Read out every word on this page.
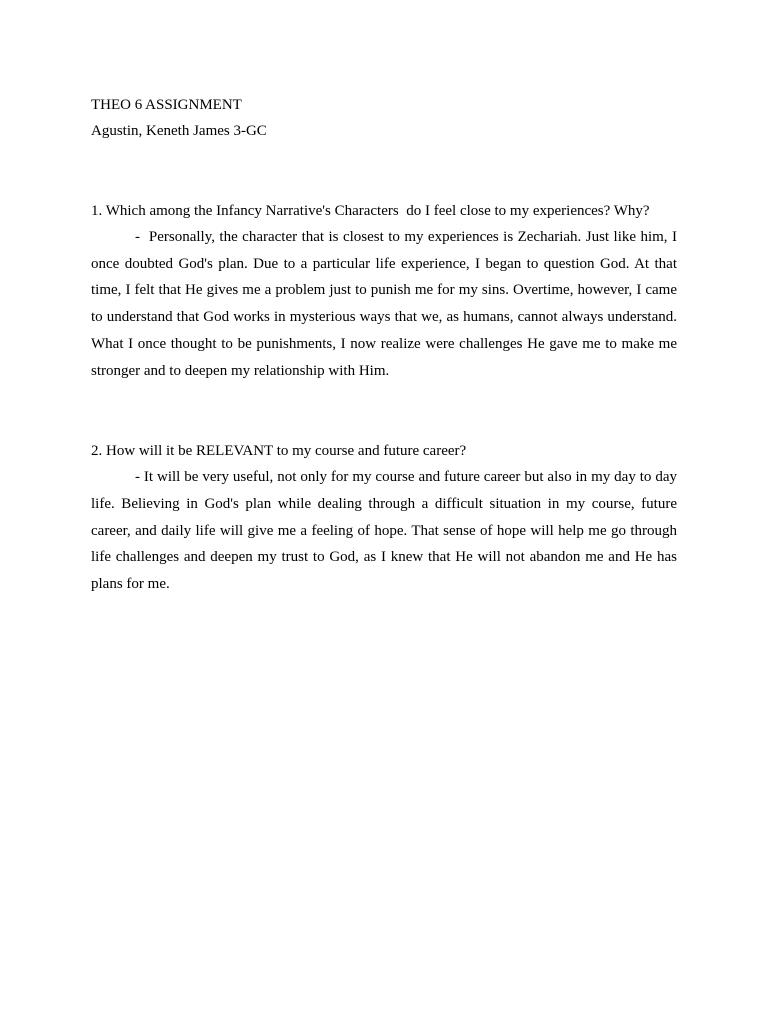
THEO 6 ASSIGNMENT

Agustin, Keneth James 3-GC

1. Which among the Infancy Narrative's Characters  do I feel close to my experiences? Why?

-  Personally, the character that is closest to my experiences is Zechariah. Just like him, I once doubted God's plan. Due to a particular life experience, I began to question God. At that time, I felt that He gives me a problem just to punish me for my sins. Overtime, however, I came to understand that God works in mysterious ways that we, as humans, cannot always understand. What I once thought to be punishments, I now realize were challenges He gave me to make me stronger and to deepen my relationship with Him.

2. How will it be RELEVANT to my course and future career?

- It will be very useful, not only for my course and future career but also in my day to day life. Believing in God's plan while dealing through a difficult situation in my course, future career, and daily life will give me a feeling of hope. That sense of hope will help me go through life challenges and deepen my trust to God, as I knew that He will not abandon me and He has plans for me.
